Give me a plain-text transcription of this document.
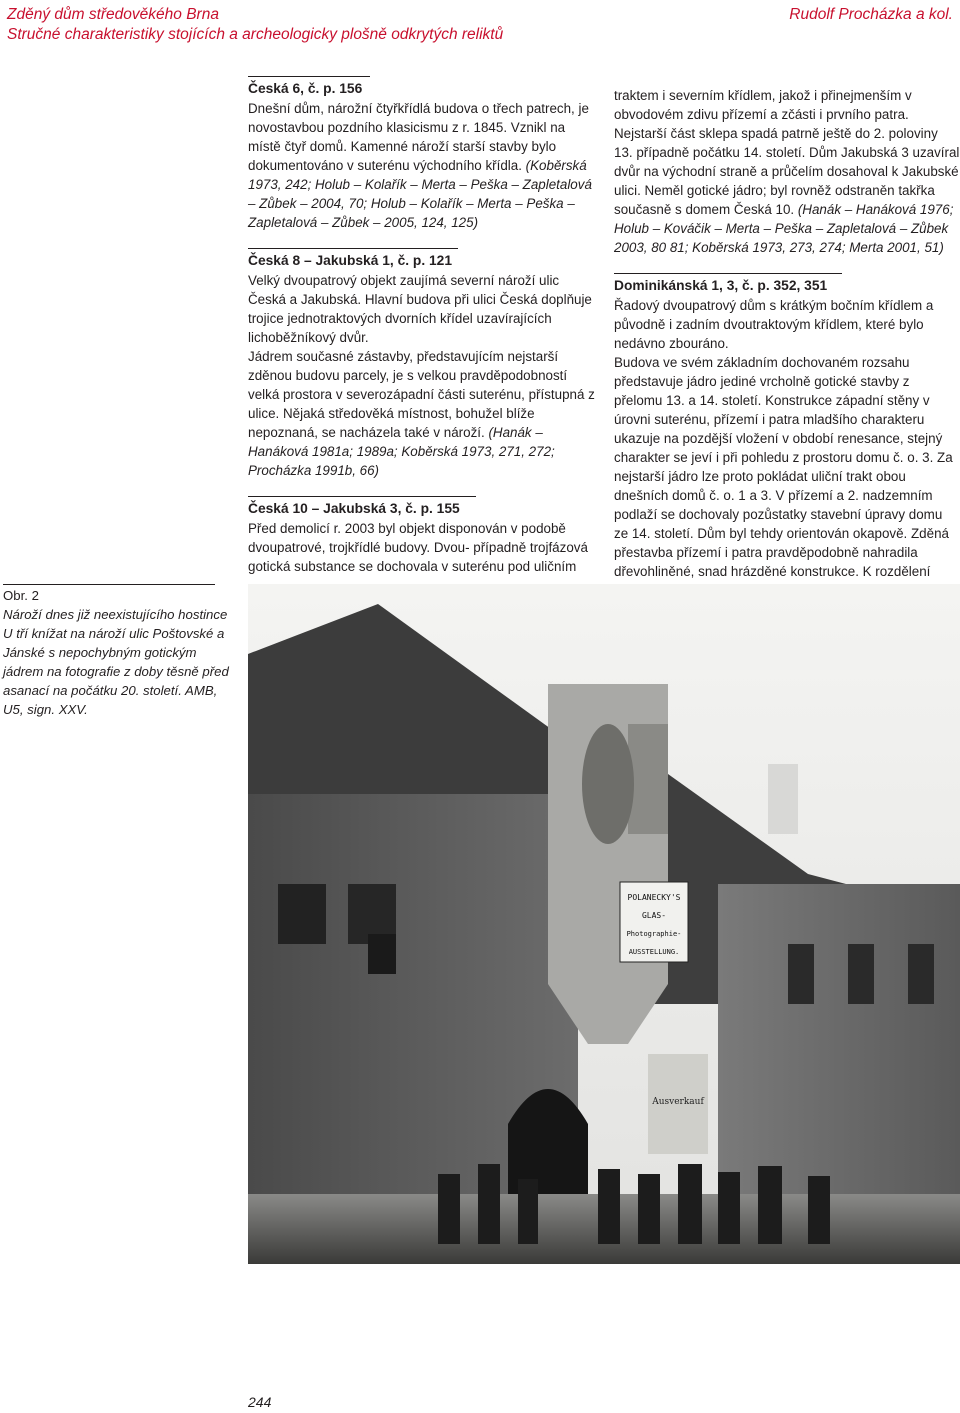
Zděný dům středověkého Brna
Stručné charakteristiky stojících a archeologicky plošně odkrytých reliktů
Rudolf Procházka a kol.
Česká 6, č. p. 156

Dnešní dům, nárožní čtyřkřídlá budova o třech patrech, je novostavbou pozdního klasicismu z r. 1845. Vznikl na místě čtyř domů. Kamenné nároží starší stavby bylo dokumentováno v suterénu východního křídla. (Koběrská 1973, 242; Holub – Kolařík – Merta – Peška – Zapletalová – Zůbek – 2004, 70; Holub – Kolařík – Merta – Peška – Zapletalová – Zůbek – 2005, 124, 125)

Česká 8 – Jakubská 1, č. p. 121

Velký dvoupatrový objekt zaujímá severní nároží ulic Česká a Jakubská. Hlavní budova při ulici Česká doplňuje trojice jednotraktových dvorních křídel uzavírajících lichoběžníkový dvůr.

Jádrem současné zástavby, představujícím nejstarší zděnou budovu parcely, je s velkou pravděpodobností velká prostora v severozápadní části suterénu, přístupná z ulice. Nějaká středověká místnost, bohužel blíže nepoznaná, se nacházela také v nároží. (Hanák – Hanáková 1981a; 1989a; Koběrská 1973, 271, 272; Procházka 1991b, 66)

Česká 10 – Jakubská 3, č. p. 155

Před demolicí r. 2003 byl objekt disponován v podobě dvoupatrové, trojkřídlé budovy. Dvou- případně trojfázová gotická substance se dochovala v suterénu pod uličním

traktem i severním křídlem, jakož i přinejmenším v obvodovém zdivu přízemí a zčásti i prvního patra. Nejstarší část sklepa spadá patrně ještě do 2. poloviny 13. případně počátku 14. století. Dům Jakubská 3 uzavíral dvůr na východní straně a průčelím dosahoval k Jakubské ulici. Neměl gotické jádro; byl rovněž odstraněn takřka současně s domem Česká 10. (Hanák – Hanáková 1976; Holub – Kováčik – Merta – Peška – Zapletalová – Zůbek 2003, 80 81; Koběrská 1973, 273, 274; Merta 2001, 51)

Dominikánská 1, 3, č. p. 352, 351

Řadový dvoupatrový dům s krátkým bočním křídlem a původně i zadním dvoutraktovým křídlem, které bylo nedávno zbouráno.

Budova ve svém základním dochovaném rozsahu představuje jádro jediné vrcholně gotické stavby z přelomu 13. a 14. století. Konstrukce západní stěny v úrovni suterénu, přízemí i patra mladšího charakteru ukazuje na pozdější vložení v období renesance, stejný charakter se jeví i při pohledu z prostoru domu č. o. 3. Za nejstarší jádro lze proto pokládat uliční trakt obou dnešních domů č. o. 1 a 3. V přízemí a 2. nadzemním podlaží se dochovaly pozůstatky stavební úpravy domu ze 14. století. Dům byl tehdy orientován okapově. Zděná přestavba přízemí i patra pravděpodobně nahradila dřevohliněné, snad hrázděné konstrukce. K rozdělení

Obr. 2
Nároží dnes již neexistujícího hostince U tří knížat na nároží ulic Poštovské a Jánské s nepochybným gotickým jádrem na fotografie z doby těsně před asanací na počátku 20. století. AMB, U5, sign. XXV.
POLANECKY'S
GLAS-
Photographie-
AUSSTELLUNG.
Ausverkauf
244
